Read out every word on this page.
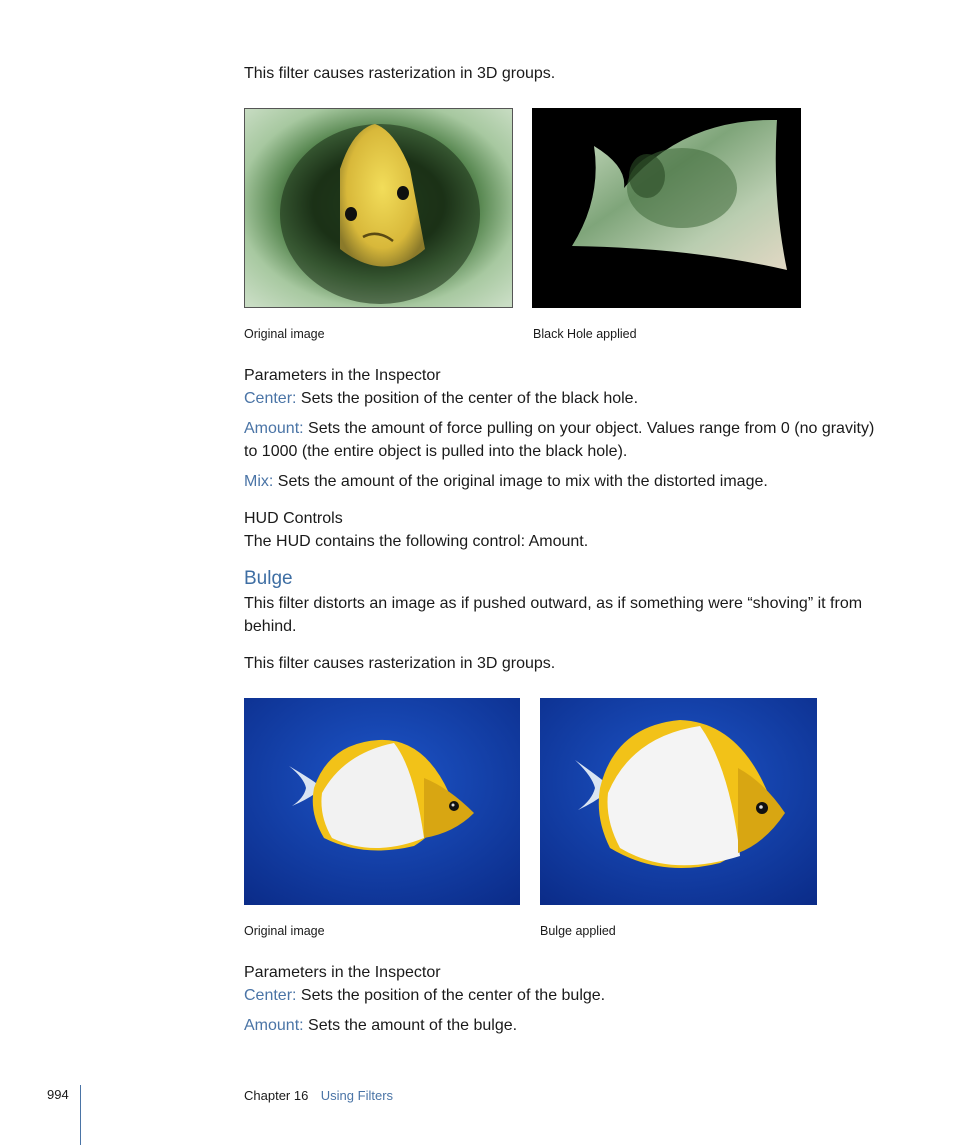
This filter causes rasterization in 3D groups.
Original image	Black Hole applied
Parameters in the Inspector
Center: Sets the position of the center of the black hole.
Amount: Sets the amount of force pulling on your object. Values range from 0 (no gravity)
to 1000 (the entire object is pulled into the black hole).
Mix: Sets the amount of the original image to mix with the distorted image.
HUD Controls
The HUD contains the following control: Amount.
Bulge
This filter distorts an image as if pushed outward, as if something were “shoving” it from
behind.
This filter causes rasterization in 3D groups.
Original image	Bulge applied
Parameters in the Inspector
Center: Sets the position of the center of the bulge.
Amount: Sets the amount of the bulge.
994	Chapter 16 Using Filters
